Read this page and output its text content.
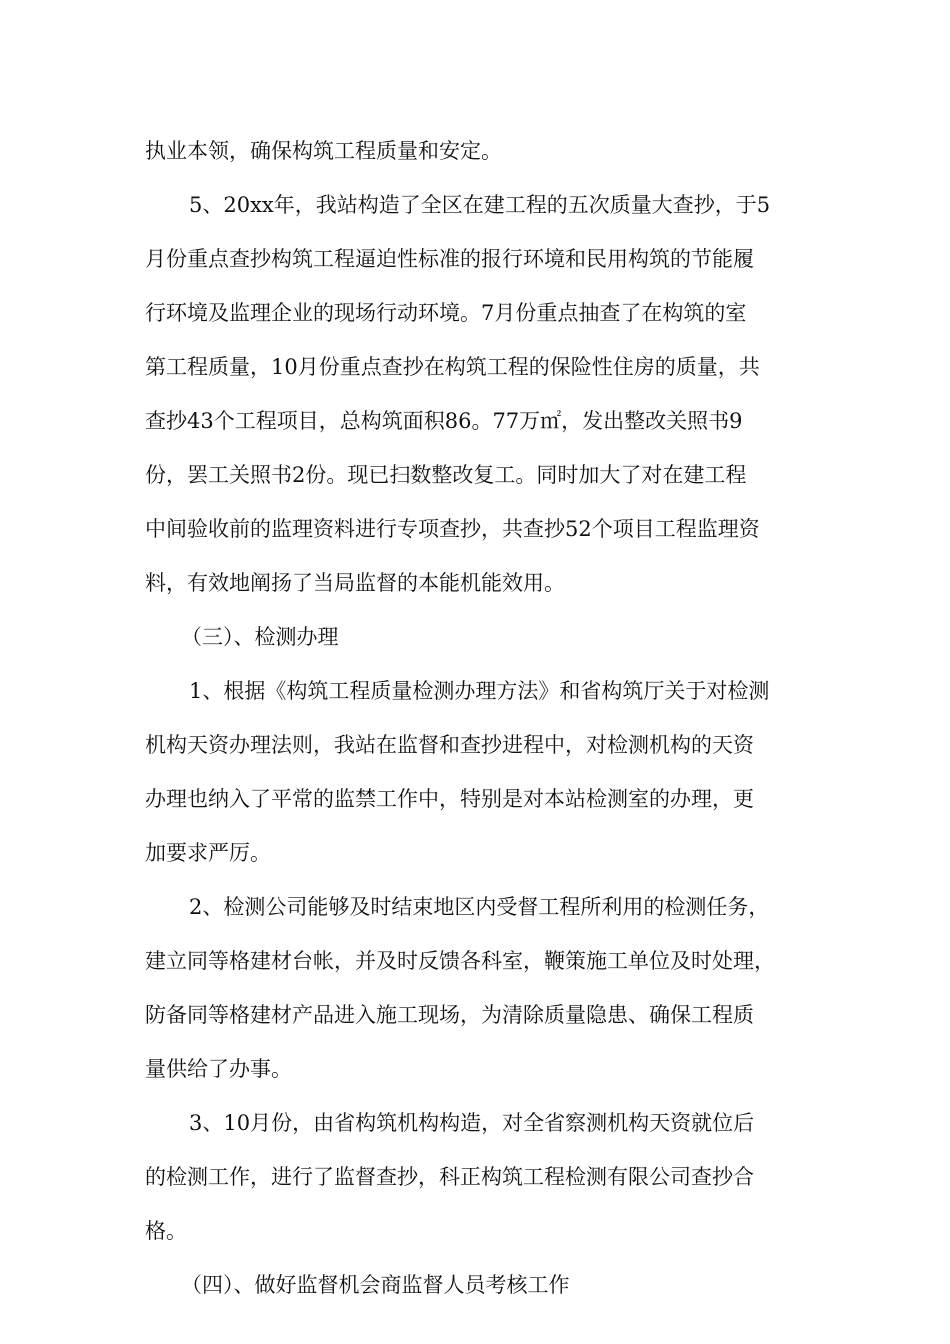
执业本领，确保构筑工程质量和安定。
5、20xx年，我站构造了全区在建工程的五次质量大查抄，于5
月份重点查抄构筑工程逼迫性标准的报行环境和民用构筑的节能履
行环境及监理企业的现场行动环境。7月份重点抽查了在构筑的室
第工程质量，10月份重点查抄在构筑工程的保险性住房的质量，共
查抄43个工程项目，总构筑面积86。77万㎡，发出整改关照书9
份，罢工关照书2份。现已扫数整改复工。同时加大了对在建工程
中间验收前的监理资料进行专项查抄，共查抄52个项目工程监理资
料，有效地阐扬了当局监督的本能机能效用。
（三）、检测办理
1、根据《构筑工程质量检测办理方法》和省构筑厅关于对检测
机构天资办理法则，我站在监督和查抄进程中，对检测机构的天资
办理也纳入了平常的监禁工作中，特别是对本站检测室的办理，更
加要求严厉。
2、检测公司能够及时结束地区内受督工程所利用的检测任务，
建立同等格建材台帐，并及时反馈各科室，鞭策施工单位及时处理，
防备同等格建材产品进入施工现场，为清除质量隐患、确保工程质
量供给了办事。
3、10月份，由省构筑机构构造，对全省察测机构天资就位后
的检测工作，进行了监督查抄，科正构筑工程检测有限公司查抄合
格。
（四）、做好监督机会商监督人员考核工作
